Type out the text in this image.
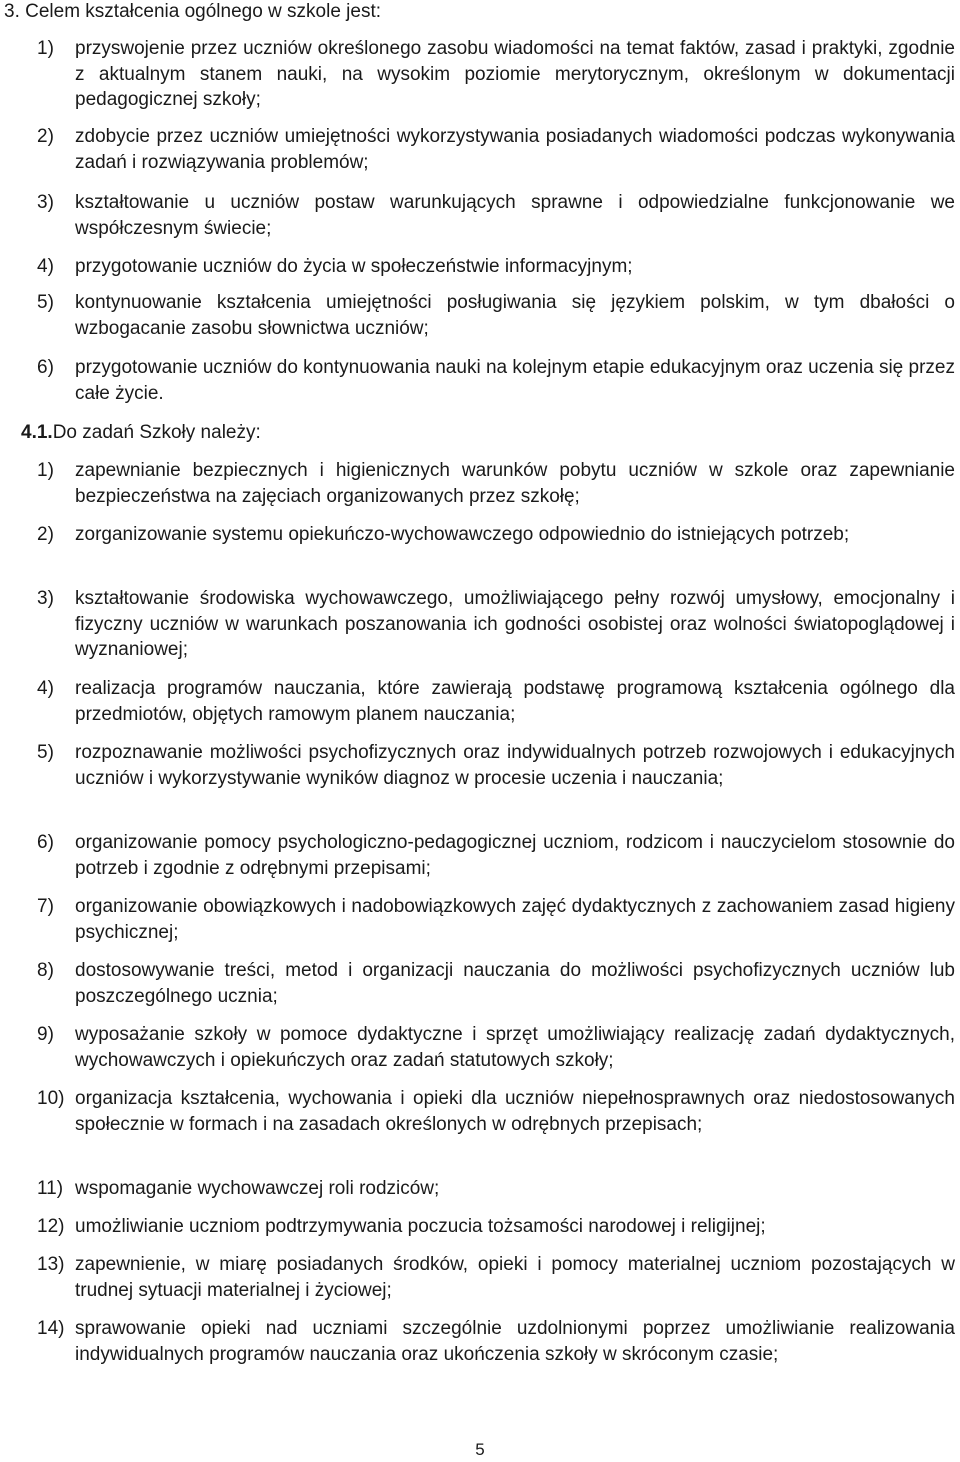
3. Celem kształcenia ogólnego w szkole jest:
1) przyswojenie przez uczniów określonego zasobu wiadomości na temat faktów, zasad i praktyki, zgodnie z aktualnym stanem nauki, na wysokim poziomie merytorycznym, określonym w dokumentacji pedagogicznej szkoły;
2) zdobycie przez uczniów umiejętności wykorzystywania posiadanych wiadomości podczas wykonywania zadań i rozwiązywania problemów;
3) kształtowanie u uczniów postaw warunkujących sprawne i odpowiedzialne funkcjonowanie we współczesnym świecie;
4) przygotowanie uczniów do życia w społeczeństwie informacyjnym;
5) kontynuowanie kształcenia umiejętności posługiwania się językiem polskim, w tym dbałości o wzbogacanie zasobu słownictwa uczniów;
6) przygotowanie uczniów do kontynuowania nauki na kolejnym etapie edukacyjnym oraz uczenia się przez całe życie.
4.1.Do zadań Szkoły należy:
1) zapewnianie bezpiecznych i higienicznych warunków pobytu uczniów w szkole oraz zapewnianie bezpieczeństwa na zajęciach organizowanych przez szkołę;
2) zorganizowanie systemu opiekuńczo-wychowawczego odpowiednio do istniejących potrzeb;
3) kształtowanie środowiska wychowawczego, umożliwiającego pełny rozwój umysłowy, emocjonalny i fizyczny uczniów w warunkach poszanowania ich godności osobistej oraz wolności światopoglądowej i wyznaniowej;
4) realizacja programów nauczania, które zawierają podstawę programową kształcenia ogólnego dla przedmiotów, objętych ramowym planem nauczania;
5) rozpoznawanie możliwości psychofizycznych oraz indywidualnych potrzeb rozwojowych i edukacyjnych uczniów i wykorzystywanie wyników diagnoz w procesie uczenia i nauczania;
6) organizowanie pomocy psychologiczno-pedagogicznej uczniom, rodzicom i nauczycielom stosownie do potrzeb i zgodnie z odrębnymi przepisami;
7) organizowanie obowiązkowych i nadobowiązkowych zajęć dydaktycznych z zachowaniem zasad higieny psychicznej;
8) dostosowywanie treści, metod i organizacji nauczania do możliwości psychofizycznych uczniów lub poszczególnego ucznia;
9) wyposażanie szkoły w pomoce dydaktyczne i sprzęt umożliwiający realizację zadań dydaktycznych, wychowawczych i opiekuńczych oraz zadań statutowych szkoły;
10) organizacja kształcenia, wychowania i opieki dla uczniów niepełnosprawnych oraz niedostosowanych społecznie w formach i na zasadach określonych w odrębnych przepisach;
11) wspomaganie wychowawczej roli rodziców;
12) umożliwianie uczniom podtrzymywania poczucia tożsamości narodowej i religijnej;
13) zapewnienie, w miarę posiadanych środków, opieki i pomocy materialnej uczniom pozostających w trudnej sytuacji materialnej i życiowej;
14) sprawowanie opieki nad uczniami szczególnie uzdolnionymi poprzez umożliwianie realizowania indywidualnych programów nauczania oraz ukończenia szkoły w skróconym czasie;
5
